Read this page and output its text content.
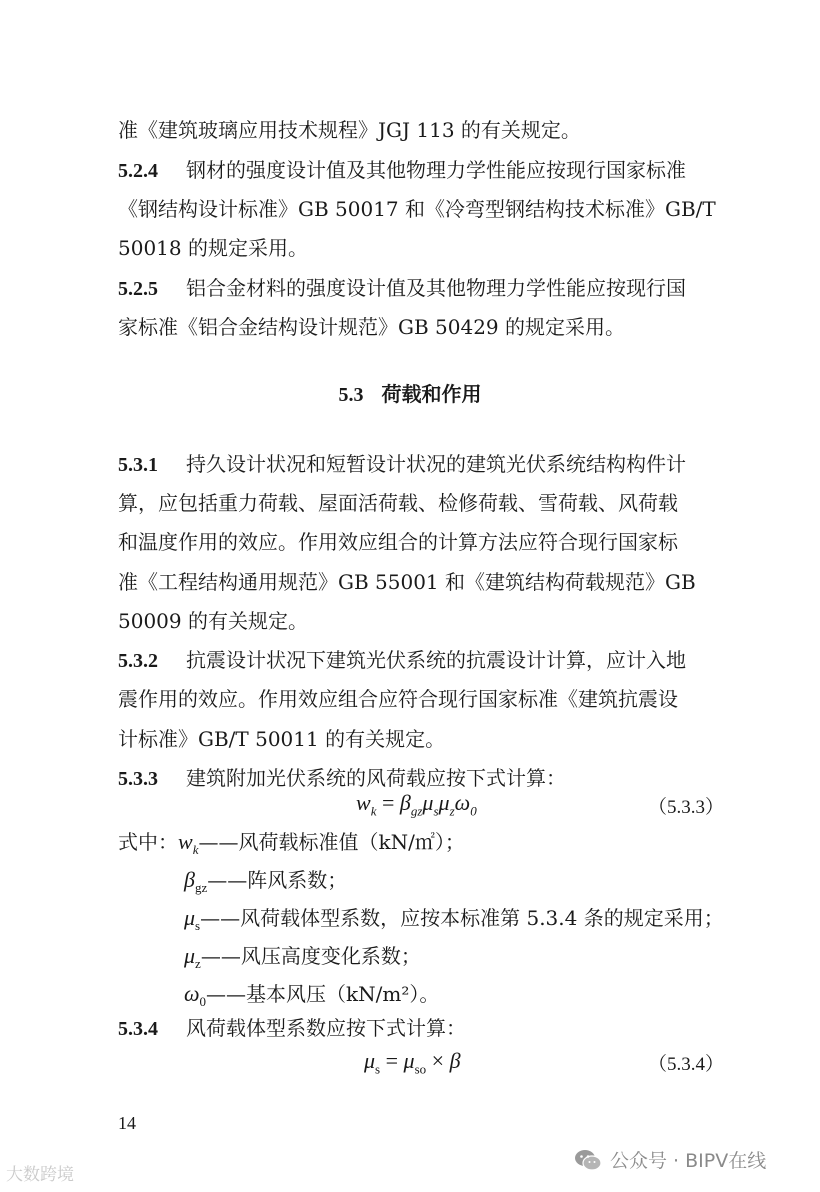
准《建筑玻璃应用技术规程》JGJ 113 的有关规定。
5.2.4 钢材的强度设计值及其他物理力学性能应按现行国家标准
《钢结构设计标准》GB 50017 和《冷弯型钢结构技术标准》GB/T
50018 的规定采用。
5.2.5 铝合金材料的强度设计值及其他物理力学性能应按现行国
家标准《铝合金结构设计规范》GB 50429 的规定采用。
5.3 荷载和作用
5.3.1 持久设计状况和短暂设计状况的建筑光伏系统结构构件计
算，应包括重力荷载、屋面活荷载、检修荷载、雪荷载、风荷载
和温度作用的效应。作用效应组合的计算方法应符合现行国家标
准《工程结构通用规范》GB 55001 和《建筑结构荷载规范》GB
50009 的有关规定。
5.3.2 抗震设计状况下建筑光伏系统的抗震设计计算，应计入地
震作用的效应。作用效应组合应符合现行国家标准《建筑抗震设
计标准》GB/T 50011 的有关规定。
5.3.3 建筑附加光伏系统的风荷载应按下式计算：
$w_k = \beta_{gz}\mu_s\mu_z\omega_0$	（5.3.3）
式中：$w_k——$风荷载标准值（kN/㎡）；
$\beta_{gz}——$阵风系数；
$\mu_s——$风荷载体型系数，应按本标准第 5.3.4 条的规定采用；
$\mu_z——$风压高度变化系数；
$\omega_0——$基本风压（kN/m²）。
5.3.4 风荷载体型系数应按下式计算：
$\mu_s = \mu_{so} \times \beta$	（5.3.4）
14
大数跨境
公众号 · BIPV在线
